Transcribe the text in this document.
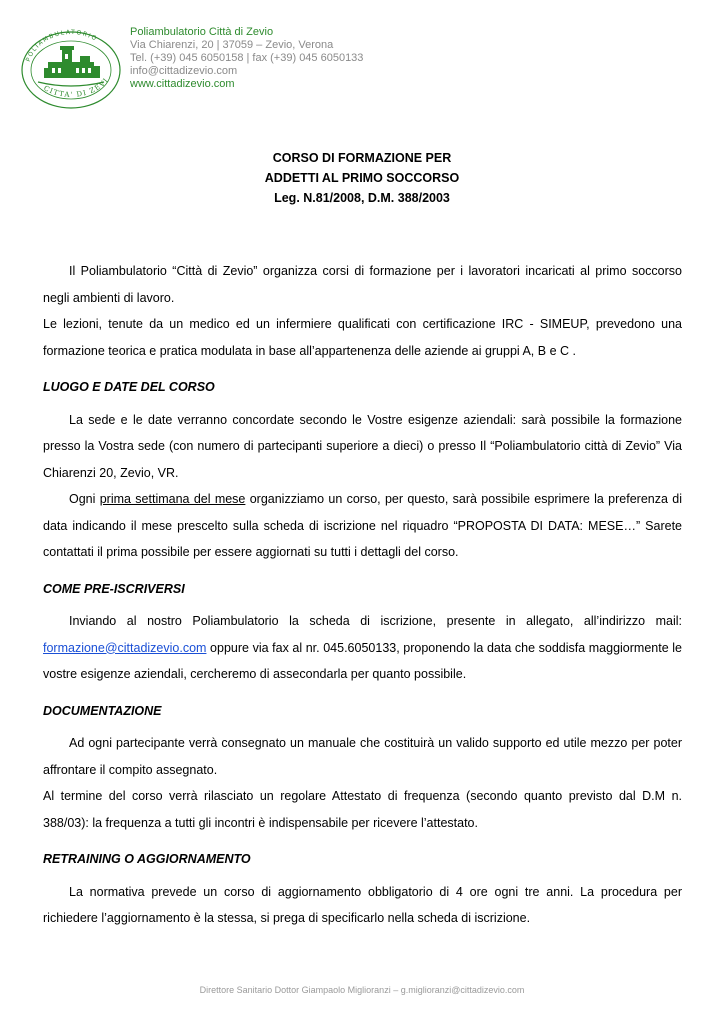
POLIAMBULATORIO
CITTA' DI ZEVI
Poliambulatorio Città di Zevio
Via Chiarenzi, 20 | 37059 – Zevio, Verona
Tel. (+39) 045 6050158 | fax (+39) 045 6050133
info@cittadizevio.com
www.cittadizevio.com
CORSO DI FORMAZIONE PER
ADDETTI AL PRIMO SOCCORSO
Leg. N.81/2008, D.M. 388/2003

Il Poliambulatorio “Città di Zevio” organizza corsi di formazione per i lavoratori incaricati al primo soccorso negli ambienti di lavoro.

Le lezioni, tenute da un medico ed un infermiere qualificati con certificazione IRC - SIMEUP, prevedono una formazione teorica e pratica modulata in base all’appartenenza delle aziende ai gruppi A, B e C .

LUOGO E DATE DEL CORSO

La sede e le date verranno concordate secondo le Vostre esigenze aziendali: sarà possibile la formazione presso la Vostra sede (con numero di partecipanti superiore a dieci) o presso Il “Poliambulatorio città di Zevio” Via Chiarenzi 20, Zevio, VR.

Ogni prima settimana del mese organizziamo un corso, per questo, sarà possibile esprimere la preferenza di data indicando il mese prescelto sulla scheda di iscrizione nel riquadro “PROPOSTA DI DATA: MESE…” Sarete contattati il prima possibile per essere aggiornati su tutti i dettagli del corso.

COME PRE-ISCRIVERSI

Inviando al nostro Poliambulatorio la scheda di iscrizione, presente in allegato, all’indirizzo mail: formazione@cittadizevio.com oppure via fax al nr. 045.6050133, proponendo la data che soddisfa maggiormente le vostre esigenze aziendali, cercheremo di assecondarla per quanto possibile.

DOCUMENTAZIONE

Ad ogni partecipante verrà consegnato un manuale che costituirà un valido supporto ed utile mezzo per poter affrontare il compito assegnato.

Al termine del corso verrà rilasciato un regolare Attestato di frequenza (secondo quanto previsto dal D.M n. 388/03): la frequenza a tutti gli incontri è indispensabile per ricevere l’attestato.

RETRAINING O AGGIORNAMENTO

La normativa prevede un corso di aggiornamento obbligatorio di 4 ore ogni tre anni. La procedura per richiedere l’aggiornamento è la stessa, si prega di specificarlo nella scheda di iscrizione.

Direttore Sanitario Dottor Giampaolo Miglioranzi – g.miglioranzi@cittadizevio.com
